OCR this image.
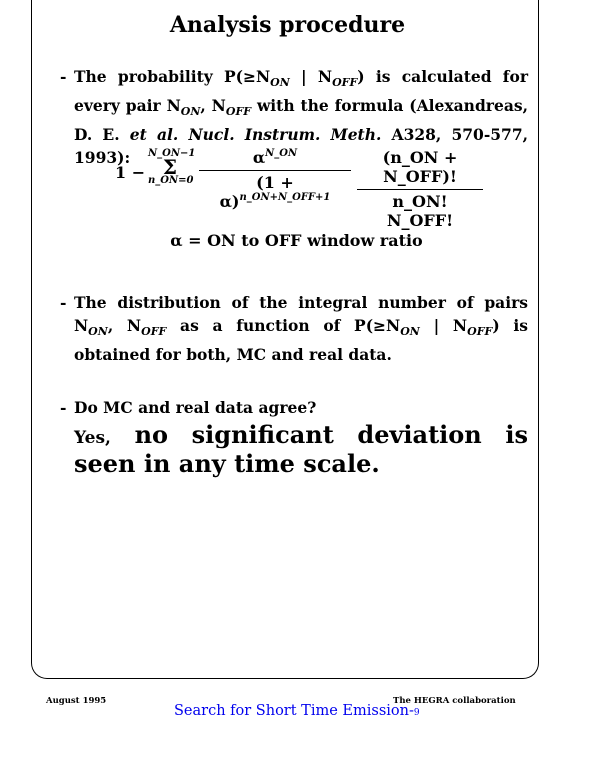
Analysis procedure
- The probability $P(\ge N_{ON}$ | $N_{OFF}$) is calculated for every pair $N_{ON}$, $N_{OFF}$ with the formula (Alexandreas, D. E. et al. Nucl. Instrum. Meth. A328, 570-577, 1993):
1 −
N_ON−1
Σ
n_ON=0
$\alpha^{N\_ON}$
$(1 + \alpha)^{n\_ON+N\_OFF+1}$
(n_ON + N_OFF)!
n_ON! N_OFF!
α = ON to OFF window ratio
- The distribution of the integral number of pairs $N_{ON}$, $N_{OFF}$ as a function of $P(\ge N_{ON}$ | $N_{OFF}$) is obtained for both, MC and real data.
- Do MC and real data agree?
Yes, no significant deviation is seen in any time scale.
August 1995	The HEGRA collaboration
Search for Short Time Emission-9
